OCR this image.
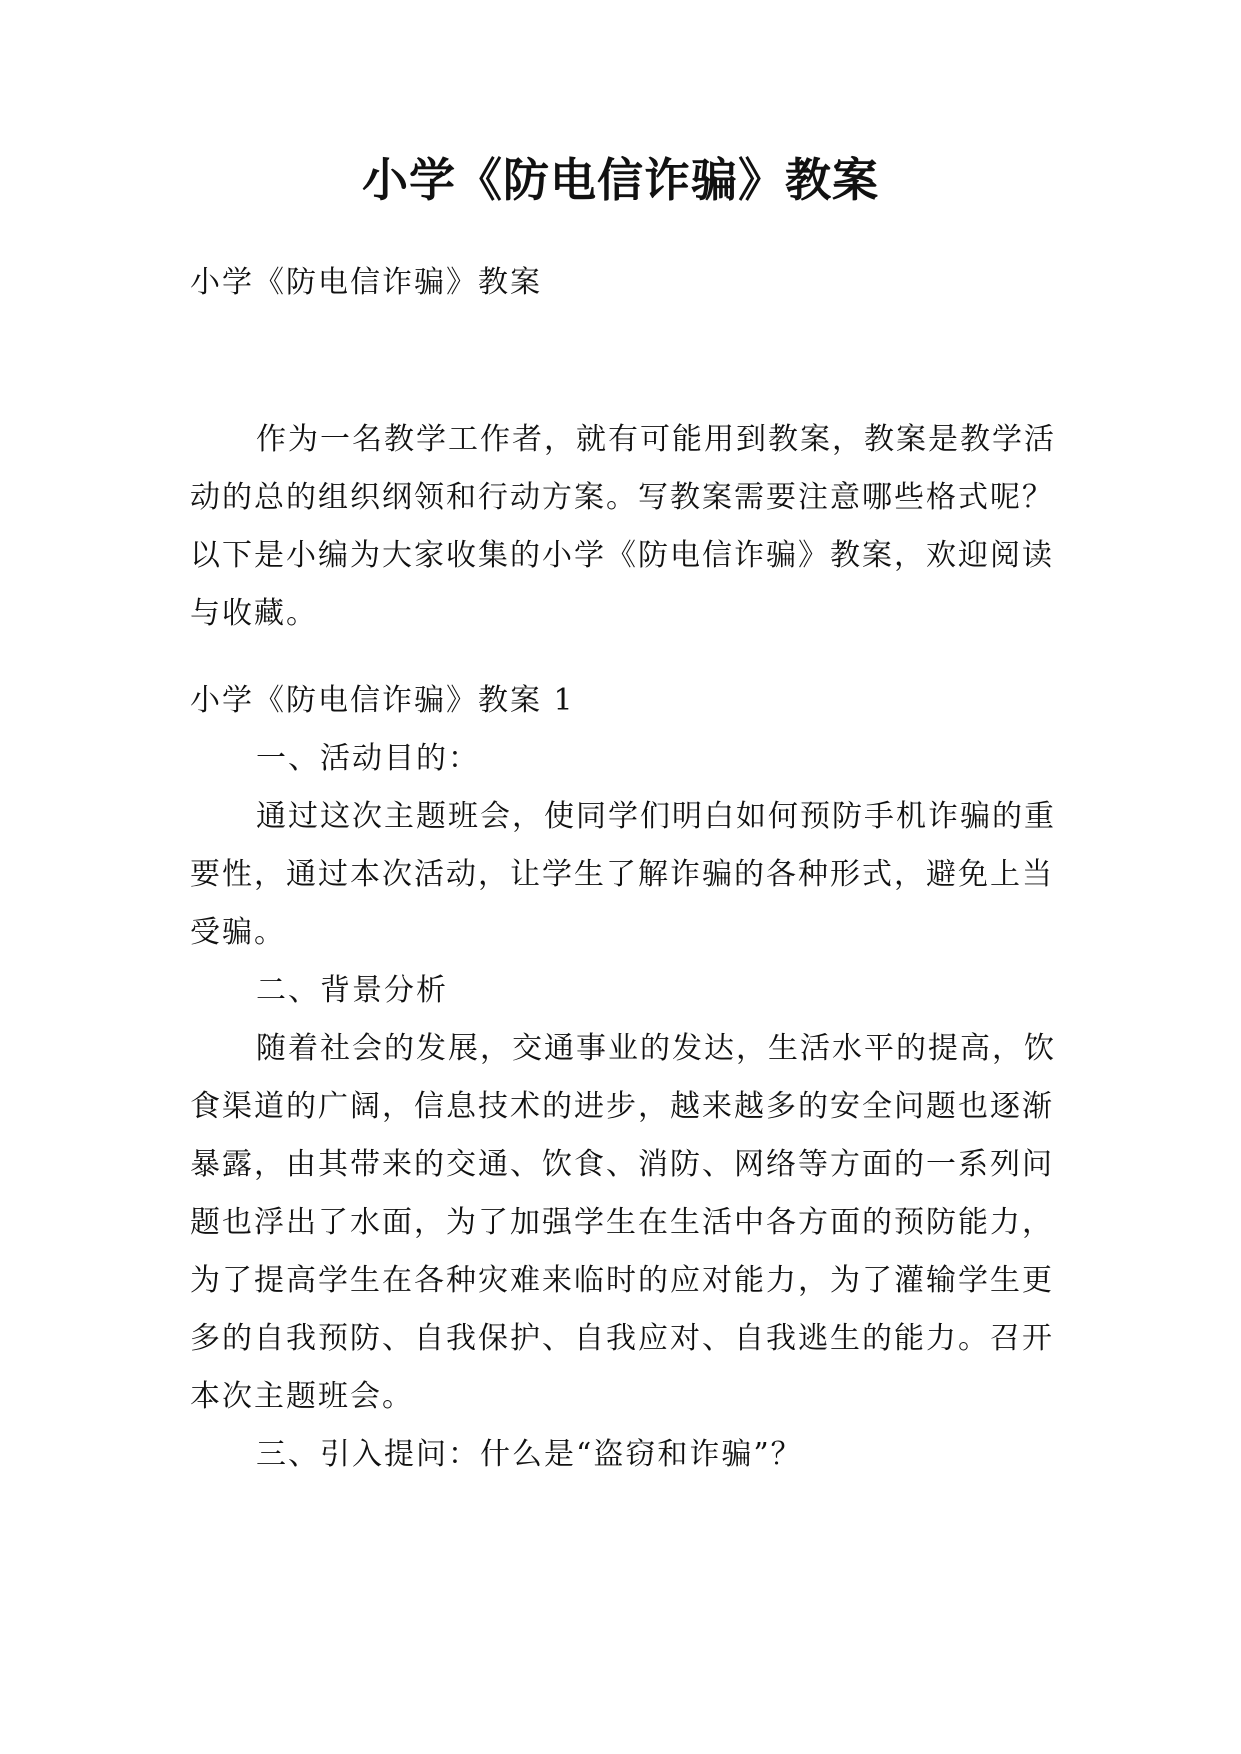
小学《防电信诈骗》教案

小学《防电信诈骗》教案

作为一名教学工作者，就有可能用到教案，教案是教学活动的总的组织纲领和行动方案。写教案需要注意哪些格式呢？以下是小编为大家收集的小学《防电信诈骗》教案，欢迎阅读与收藏。

小学《防电信诈骗》教案 1

一、活动目的：

通过这次主题班会，使同学们明白如何预防手机诈骗的重要性，通过本次活动，让学生了解诈骗的各种形式，避免上当受骗。

二、背景分析

随着社会的发展，交通事业的发达，生活水平的提高，饮食渠道的广阔，信息技术的进步，越来越多的安全问题也逐渐暴露，由其带来的交通、饮食、消防、网络等方面的一系列问题也浮出了水面，为了加强学生在生活中各方面的预防能力，为了提高学生在各种灾难来临时的应对能力，为了灌输学生更多的自我预防、自我保护、自我应对、自我逃生的能力。召开本次主题班会。

三、引入提问：什么是“盗窃和诈骗”？
